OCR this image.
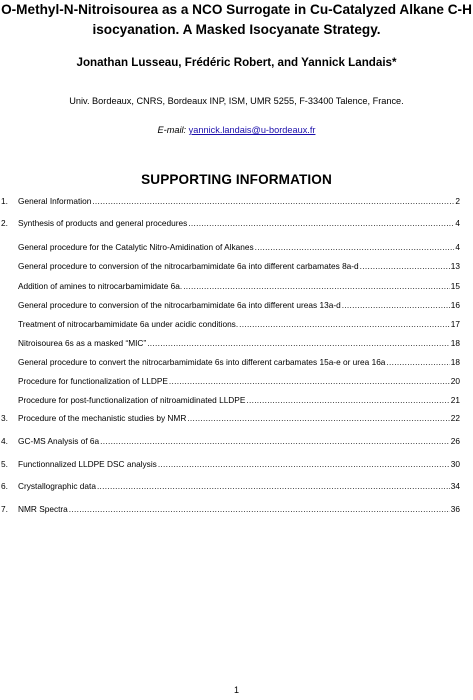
O-Methyl-N-Nitroisourea as a NCO Surrogate in Cu-Catalyzed Alkane C-H
isocyanation. A Masked Isocyanate Strategy.
Jonathan Lusseau, Frédéric Robert, and Yannick Landais*
Univ. Bordeaux, CNRS, Bordeaux INP, ISM, UMR 5255, F-33400 Talence, France.
E-mail: yannick.landais@u-bordeaux.fr
SUPPORTING INFORMATION
1. General Information .....	2
2. Synthesis of products and general procedures .....	4
General procedure for the Catalytic Nitro-Amidination of Alkanes .....	4
General procedure to conversion of the nitrocarbamimidate 6a into different carbamates 8a-d .....	13
Addition of amines to nitrocarbamimidate 6a. .....	15
General procedure to conversion of the nitrocarbamimidate 6a into different ureas 13a-d .....	16
Treatment of nitrocarbamimidate 6a under acidic conditions. .....	17
Nitroisourea 6s as a masked “MIC” .....	18
General procedure to convert the nitrocarbamimidate 6s into different carbamates 15a-e or urea 16a .....	18
Procedure for functionalization of LLDPE .....	20
Procedure for post-functionalization of nitroamidinated LLDPE .....	21
3. Procedure of the mechanistic studies by NMR .....	22
4. GC-MS Analysis of 6a .....	26
5. Functionnalized LLDPE DSC analysis .....	30
6. Crystallographic data .....	34
7. NMR Spectra .....	36
1
